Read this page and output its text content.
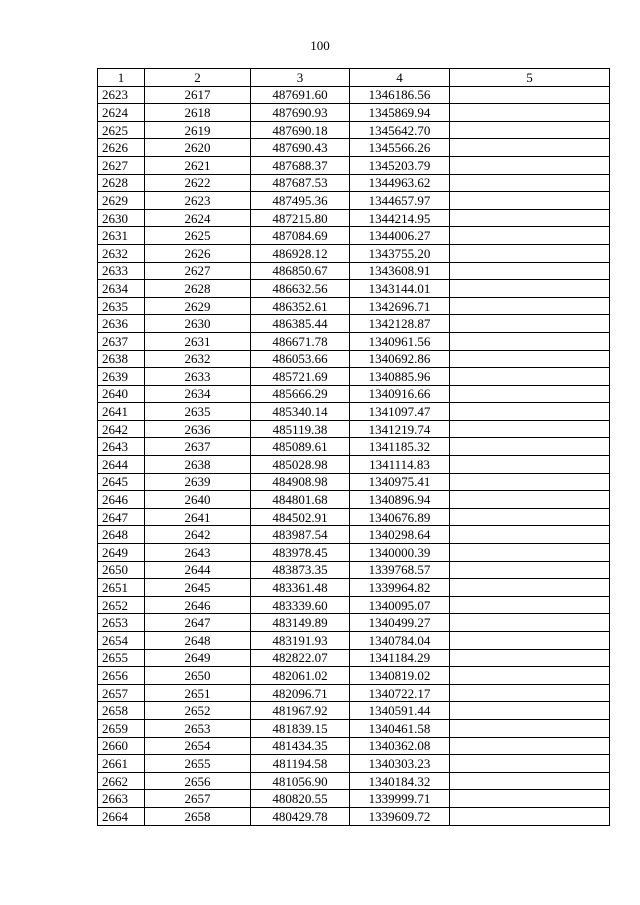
100
1	2	3	4	5
2623	2617	487691.60	1346186.56	
2624	2618	487690.93	1345869.94	
2625	2619	487690.18	1345642.70	
2626	2620	487690.43	1345566.26	
2627	2621	487688.37	1345203.79	
2628	2622	487687.53	1344963.62	
2629	2623	487495.36	1344657.97	
2630	2624	487215.80	1344214.95	
2631	2625	487084.69	1344006.27	
2632	2626	486928.12	1343755.20	
2633	2627	486850.67	1343608.91	
2634	2628	486632.56	1343144.01	
2635	2629	486352.61	1342696.71	
2636	2630	486385.44	1342128.87	
2637	2631	486671.78	1340961.56	
2638	2632	486053.66	1340692.86	
2639	2633	485721.69	1340885.96	
2640	2634	485666.29	1340916.66	
2641	2635	485340.14	1341097.47	
2642	2636	485119.38	1341219.74	
2643	2637	485089.61	1341185.32	
2644	2638	485028.98	1341114.83	
2645	2639	484908.98	1340975.41	
2646	2640	484801.68	1340896.94	
2647	2641	484502.91	1340676.89	
2648	2642	483987.54	1340298.64	
2649	2643	483978.45	1340000.39	
2650	2644	483873.35	1339768.57	
2651	2645	483361.48	1339964.82	
2652	2646	483339.60	1340095.07	
2653	2647	483149.89	1340499.27	
2654	2648	483191.93	1340784.04	
2655	2649	482822.07	1341184.29	
2656	2650	482061.02	1340819.02	
2657	2651	482096.71	1340722.17	
2658	2652	481967.92	1340591.44	
2659	2653	481839.15	1340461.58	
2660	2654	481434.35	1340362.08	
2661	2655	481194.58	1340303.23	
2662	2656	481056.90	1340184.32	
2663	2657	480820.55	1339999.71	
2664	2658	480429.78	1339609.72	
